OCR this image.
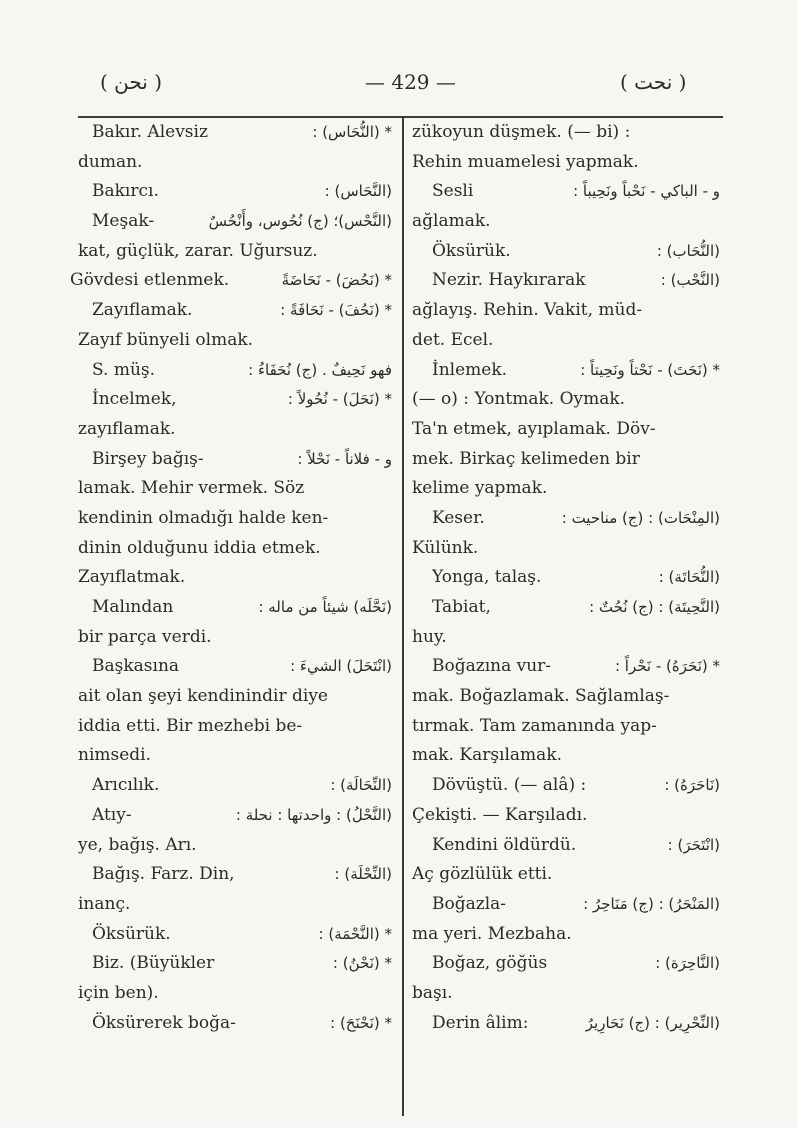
( نحن )	— 429 —	( نحت )
Bakır. Alevsiz	* (النُّحَاس) :
duman.
Bakırcı.	(النَّحَاس) :
Meşak-	(النَّحْس)؛ (ج) نُحُوس، وأَنْحُسٌ
kat, güçlük, zarar. Uğursuz.
Gövdesi etlenmek.	* (نَحُضَ) - نَحَاضَةً
Zayıflamak.	* (نَحُفَ) - نَحَافَةً :
Zayıf bünyeli olmak.
S. müş.	فهو نَحِيفٌ . (ج) نُحَفَاءُ :
İncelmek,	* (نَحَلَ) - نُحُولاً :
zayıflamak.
Birşey bağış-	و - فلاناً - نَحْلاً :
lamak. Mehir vermek. Söz
kendinin olmadığı halde ken-
dinin olduğunu iddia etmek.
Zayıflatmak.
Malından	(نَحَّلَه) شيئاً من ماله :
bir parça verdi.
Başkasına	(انْتَحَلَ) الشيءَ :
ait olan şeyi kendinindir diye
iddia etti. Bir mezhebi be-
nimsedi.
Arıcılık.	(النِّحَالَة) :
Atıy-	(النَّحْلُ) : واحدتها : نحلة :
ye, bağış. Arı.
Bağış. Farz. Din,	(النِّحْلَة) :
inanç.
Öksürük.	* (النَّحْمَة) :
Biz. (Büyükler	* (نَحْنُ) :
için ben).
Öksürerek boğa-	* (نَحْنَحَ) :
zükoyun düşmek. (— bi) :
Rehin muamelesi yapmak.
Sesli	و - الباكي - نَحْباً ونَحِيباً :
ağlamak.
Öksürük.	(النُّحَاب) :
Nezir. Haykırarak	(النَّحْب) :
ağlayış. Rehin. Vakit, müd-
det. Ecel.
İnlemek.	* (نَحَتَ) - نَحْتاً ونَحِيتاً :
(— o) : Yontmak. Oymak.
Ta'n etmek, ayıplamak. Döv-
mek. Birkaç kelimeden bir
kelime yapmak.
Keser.	(المِنْحَات) : (ج) مناحيت :
Külünk.
Yonga, talaş.	(النُّحَاتَة) :
Tabiat,	(النَّحِيتَة) : (ج) نُحُتٌ :
huy.
Boğazına vur-	* (نَحَرَهُ) - نَحْراً :
mak. Boğazlamak. Sağlamlaş-
tırmak. Tam zamanında yap-
mak. Karşılamak.
Dövüştü. (— alâ) :	(نَاحَرَهُ) :
Çekişti. — Karşıladı.
Kendini öldürdü.	(انْتَحَرَ) :
Aç gözlülük etti.
Boğazla-	(المَنْحَرُ) : (ج) مَنَاحِرُ :
ma yeri. Mezbaha.
Boğaz, göğüs	(النَّاحِرَة) :
başı.
Derin âlim:	(النِّحْرِير) : (ج) نَحَارِيرُ
